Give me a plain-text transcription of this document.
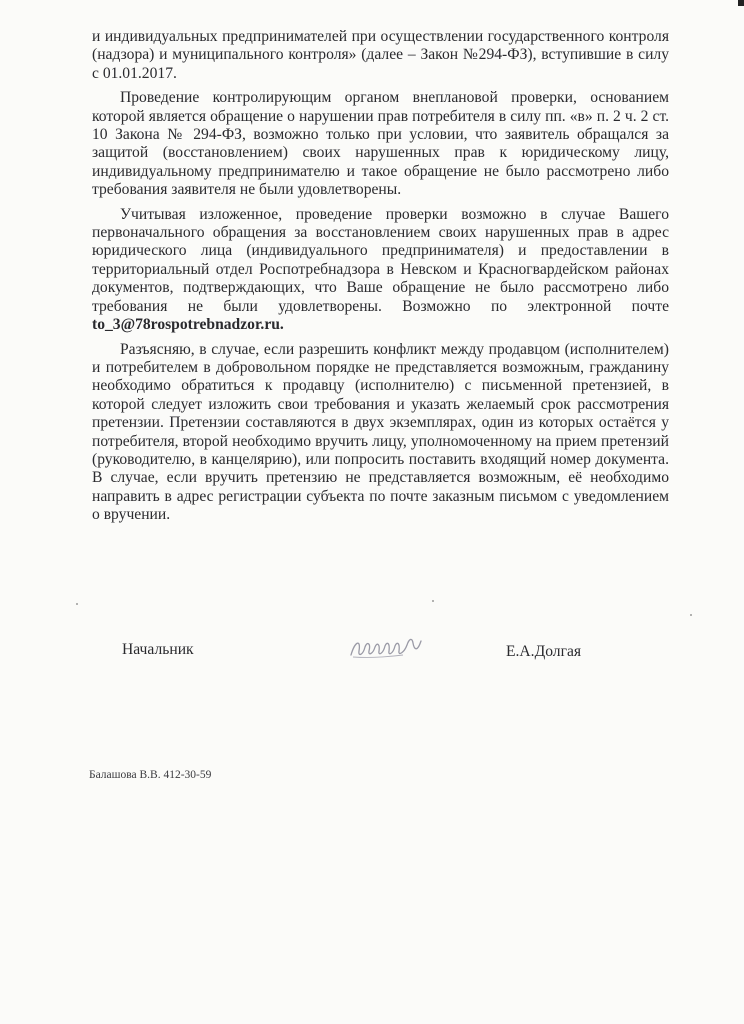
и индивидуальных предпринимателей при осуществлении государственного контроля (надзора) и муниципального контроля» (далее – Закон №294-ФЗ), вступившие в силу с 01.01.2017.

Проведение контролирующим органом внеплановой проверки, основанием которой является обращение о нарушении прав потребителя в силу пп. «в» п. 2 ч. 2 ст. 10 Закона № 294-ФЗ, возможно только при условии, что заявитель обращался за защитой (восстановлением) своих нарушенных прав к юридическому лицу, индивидуальному предпринимателю и такое обращение не было рассмотрено либо требования заявителя не были удовлетворены.

Учитывая изложенное, проведение проверки возможно в случае Вашего первоначального обращения за восстановлением своих нарушенных прав в адрес юридического лица (индивидуального предпринимателя) и предоставлении в территориальный отдел Роспотребнадзора в Невском и Красногвардейском районах документов, подтверждающих, что Ваше обращение не было рассмотрено либо требования не были удовлетворены. Возможно по электронной почте to_3@78rospotrebnadzor.ru.

Разъясняю, в случае, если разрешить конфликт между продавцом (исполнителем) и потребителем в добровольном порядке не представляется возможным, гражданину необходимо обратиться к продавцу (исполнителю) с письменной претензией, в которой следует изложить свои требования и указать желаемый срок рассмотрения претензии. Претензии составляются в двух экземплярах, один из которых остаётся у потребителя, второй необходимо вручить лицу, уполномоченному на прием претензий (руководителю, в канцелярию), или попросить поставить входящий номер документа. В случае, если вручить претензию не представляется возможным, её необходимо направить в адрес регистрации субъекта по почте заказным письмом с уведомлением о вручении.

Начальник	Е.А.Долгая
Балашова В.В. 412-30-59
